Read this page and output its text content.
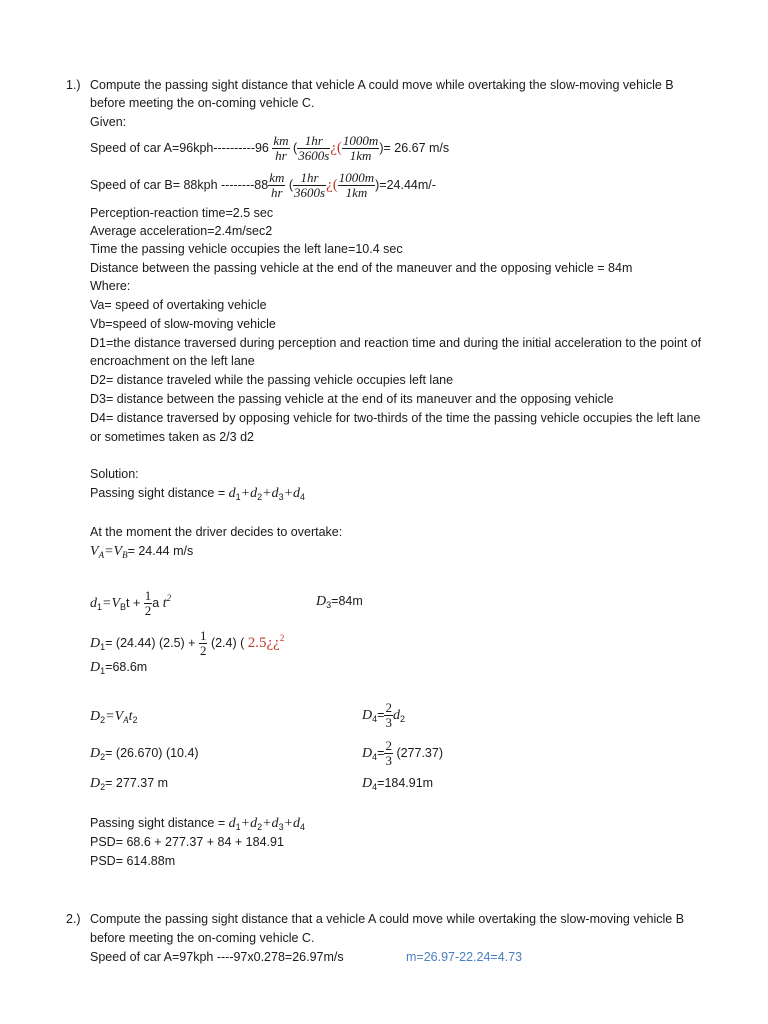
1.) Compute the passing sight distance that vehicle A could move while overtaking the slow-moving vehicle B
before meeting the on-coming vehicle C.
Given:
Speed of car $A=96kph----------96 \frac{km}{hr}$ ( $\frac{1hr}{3600s}$ ¿( $\frac{1000m}{1km}$ )= 26.67 m/s
Speed of car B= 88kph $--------88 \frac{km}{hr}$ ( $\frac{1hr}{3600s}$ ¿( $\frac{1000m}{1km} )=24.44m/-$
Perception-reaction time=2.5 sec
Average acceleration=2.4m/sec2
Time the passing vehicle occupies the left lane=10.4 sec
Distance between the passing vehicle at the end of the maneuver and the opposing vehicle = 84m
Where:
Va= speed of overtaking vehicle
Vb=speed of slow-moving vehicle
D1=the distance traversed during perception and reaction time and during the initial acceleration to the point of
encroachment on the left lane
D2= distance traveled while the passing vehicle occupies left lane
D3= distance between the passing vehicle at the end of its maneuver and the opposing vehicle
D4= distance traversed by opposing vehicle for two-thirds of the time the passing vehicle occupies the left lane
or sometimes taken as 2/3 d2
Solution:
Passing sight distance = $d_1+d_2+d_3+d_4$
At the moment the driver decides to overtake:
$V_A=V_B= 24.44$ m/s
$d_1=V_Bt + \frac{1}{2}$ a $t^2$	$D_3=84m$
$D_1= (24.44) (2.5) + \frac{1}{2} (2.4)$ ( 2.5¿¿$^2$
$D_1=68.6m$
$D_2=V_At_2$	$D_4= \frac{2}{3} d_2$
$D_2= (26.670)$ (10.4)	$D_4= \frac{2}{3} (277.37)$
$D_2= 277.37$ m	$D_4=184.91m$
Passing sight distance = $d_1+d_2+d_3+d_4$
PSD= 68.6 + 277.37 + 84 + 184.91
PSD= 614.88m
2.) Compute the passing sight distance that a vehicle A could move while overtaking the slow-moving vehicle B
before meeting the on-coming vehicle C.
Speed of car A=97kph ----97x0.278=26.97m/s	m=26.97-22.24=4.73
